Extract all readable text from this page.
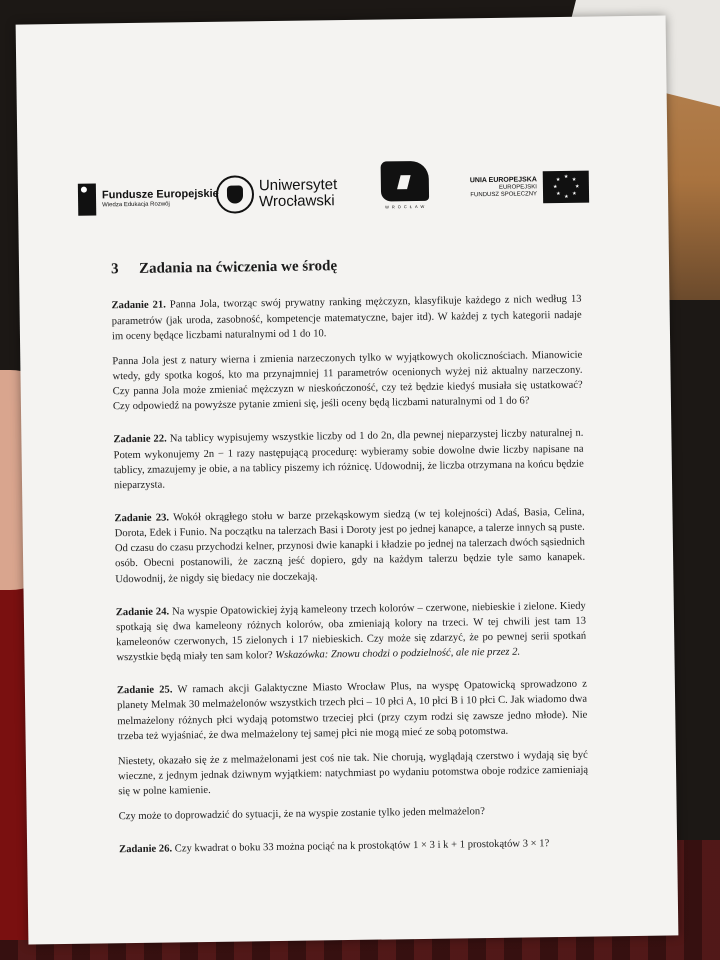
Fundusze Europejskie
Wiedza Edukacja Rozwój
Uniwersytet
Wrocławski	WROCŁAW
UNIA EUROPEJSKA
EUROPEJSKI
FUNDUSZ SPOŁECZNY
★
★
★
★
★
★
★
★
3 Zadania na ćwiczenia we środę
Zadanie 21. Panna Jola, tworząc swój prywatny ranking mężczyzn, klasyfikuje każdego z nich według 13 parametrów (jak uroda, zasobność, kompetencje matematyczne, bajer itd). W każdej z tych kategorii nadaje im oceny będące liczbami naturalnymi od 1 do 10.
Panna Jola jest z natury wierna i zmienia narzeczonych tylko w wyjątkowych okolicznościach. Mianowicie wtedy, gdy spotka kogoś, kto ma przynajmniej 11 parametrów ocenionych wyżej niż aktualny narzeczony. Czy panna Jola może zmieniać mężczyzn w nieskończoność, czy też będzie kiedyś musiała się ustatkować? Czy odpowiedź na powyższe pytanie zmieni się, jeśli oceny będą liczbami naturalnymi od 1 do 6?
Zadanie 22. Na tablicy wypisujemy wszystkie liczby od 1 do 2n, dla pewnej nieparzystej liczby naturalnej n. Potem wykonujemy 2n − 1 razy następującą procedurę: wybieramy sobie dowolne dwie liczby napisane na tablicy, zmazujemy je obie, a na tablicy piszemy ich różnicę. Udowodnij, że liczba otrzymana na końcu będzie nieparzysta.
Zadanie 23. Wokół okrągłego stołu w barze przekąskowym siedzą (w tej kolejności) Adaś, Basia, Celina, Dorota, Edek i Funio. Na początku na talerzach Basi i Doroty jest po jednej kanapce, a talerze innych są puste. Od czasu do czasu przychodzi kelner, przynosi dwie kanapki i kładzie po jednej na talerzach dwóch sąsiednich osób. Obecni postanowili, że zaczną jeść dopiero, gdy na każdym talerzu będzie tyle samo kanapek. Udowodnij, że nigdy się biedacy nie doczekają.
Zadanie 24. Na wyspie Opatowickiej żyją kameleony trzech kolorów – czerwone, niebieskie i zielone. Kiedy spotkają się dwa kameleony różnych kolorów, oba zmieniają kolory na trzeci. W tej chwili jest tam 13 kameleonów czerwonych, 15 zielonych i 17 niebieskich. Czy może się zdarzyć, że po pewnej serii spotkań wszystkie będą miały ten sam kolor? Wskazówka: Znowu chodzi o podzielność, ale nie przez 2.
Zadanie 25. W ramach akcji Galaktyczne Miasto Wrocław Plus, na wyspę Opatowicką sprowadzono z planety Melmak 30 melmażelonów wszystkich trzech płci – 10 płci A, 10 płci B i 10 płci C. Jak wiadomo dwa melmażelony różnych płci wydają potomstwo trzeciej płci (przy czym rodzi się zawsze jedno młode). Nie trzeba też wyjaśniać, że dwa melmażelony tej samej płci nie mogą mieć ze sobą potomstwa.
Niestety, okazało się że z melmażelonami jest coś nie tak. Nie chorują, wyglądają czerstwo i wydają się być wieczne, z jednym jednak dziwnym wyjątkiem: natychmiast po wydaniu potomstwa oboje rodzice zamieniają się w polne kamienie.
Czy może to doprowadzić do sytuacji, że na wyspie zostanie tylko jeden melmażelon?
Zadanie 26. Czy kwadrat o boku 33 można pociąć na k prostokątów 1 × 3 i k + 1 prostokątów 3 × 1?
